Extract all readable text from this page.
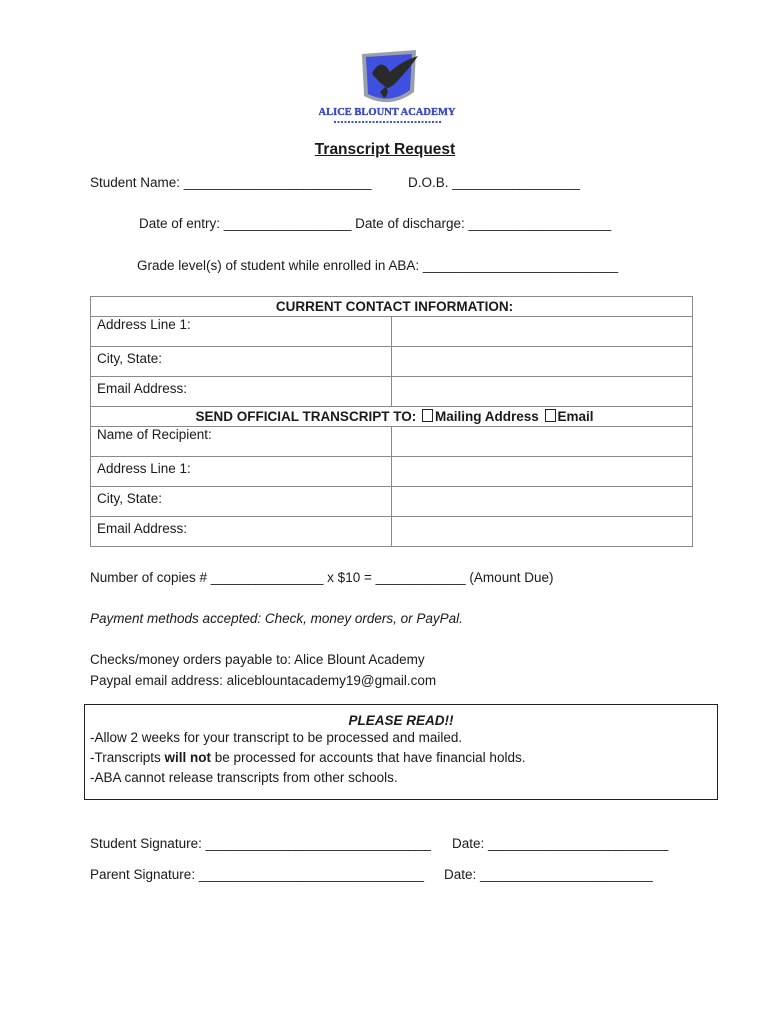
ALICE BLOUNT ACADEMY
Transcript Request
Student Name: _________________________	D.O.B. _________________
Date of entry: _________________ Date of discharge: ___________________
Grade level(s) of student while enrolled in ABA: __________________________
CURRENT CONTACT INFORMATION:	
Address Line 1:	
City, State:	
Email Address:	
SEND OFFICIAL TRANSCRIPT TO: Mailing Address Email	
Name of Recipient:	
Address Line 1:	
City, State:	
Email Address:	
Number of copies # _______________ x $10 = ____________ (Amount Due)
Payment methods accepted: Check, money orders, or PayPal.
Checks/money orders payable to: Alice Blount Academy
Paypal email address: aliceblountacademy19@gmail.com
PLEASE READ!!
-Allow 2 weeks for your transcript to be processed and mailed.
-Transcripts will not be processed for accounts that have financial holds.
-ABA cannot release transcripts from other schools.
Student Signature: ______________________________ Date: ________________________
Parent Signature: ______________________________ Date: _______________________
